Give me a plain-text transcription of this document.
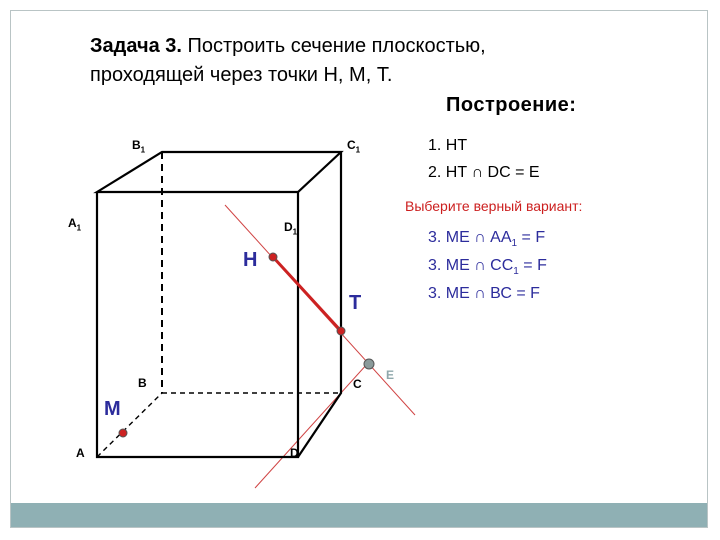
Задача 3. Построить сечение плоскостью,
проходящей через точки Н, М, Т.
Построение:
1. НТ
2. НТ ∩ DC = E
Выберите верный вариант:
3. МЕ ∩ $АА_1 = F$
3. МЕ ∩ $СС_1 = F$
3. МЕ ∩ ВС = F
$В_1$	$С_1$
$А_1$	$D_1$
В	С
А	D
Н
Т
М
E
